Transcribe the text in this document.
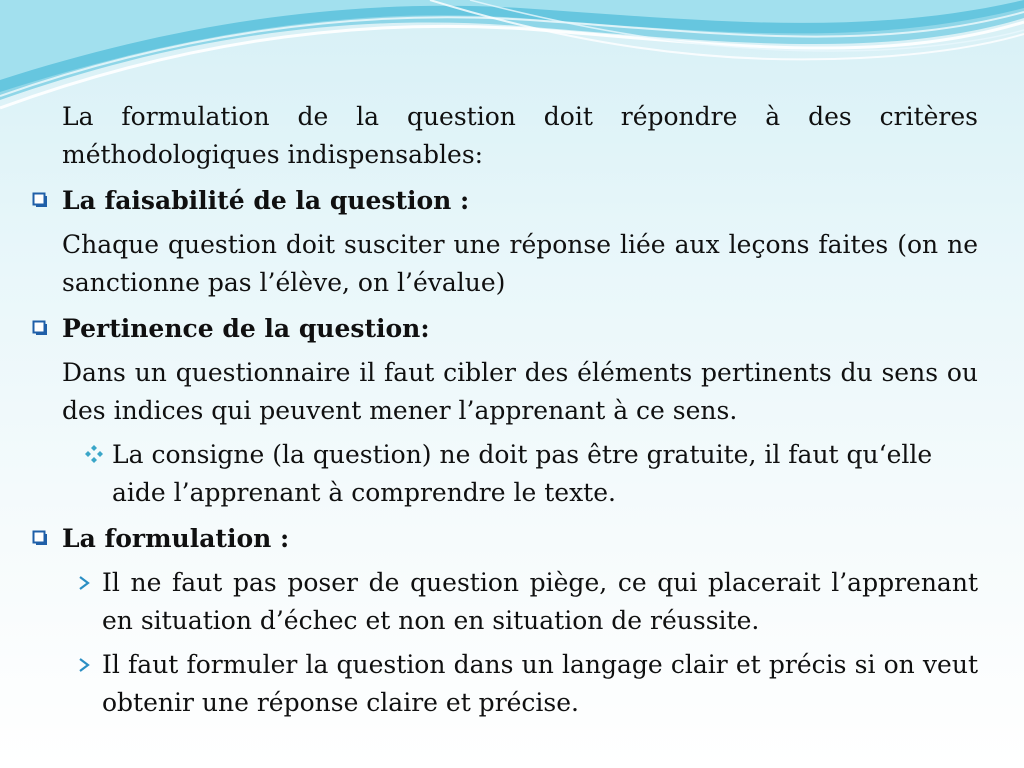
La formulation de la question doit répondre à des critères méthodologiques indispensables:

La faisabilité de la question :

Chaque question doit susciter une réponse liée aux leçons faites (on ne sanctionne pas l’élève, on l’évalue)

Pertinence de la question:

Dans un questionnaire il faut cibler des éléments pertinents du sens ou des indices qui peuvent mener l’apprenant à ce sens.

La consigne (la question) ne doit pas être gratuite, il faut qu‘elle
aide l’apprenant à comprendre le texte.
La formulation :
Il ne faut pas poser de question piège, ce qui placerait l’apprenant en situation d’échec et non en situation de réussite.
Il faut formuler la question dans un langage clair et précis si on veut obtenir une réponse claire et précise.
